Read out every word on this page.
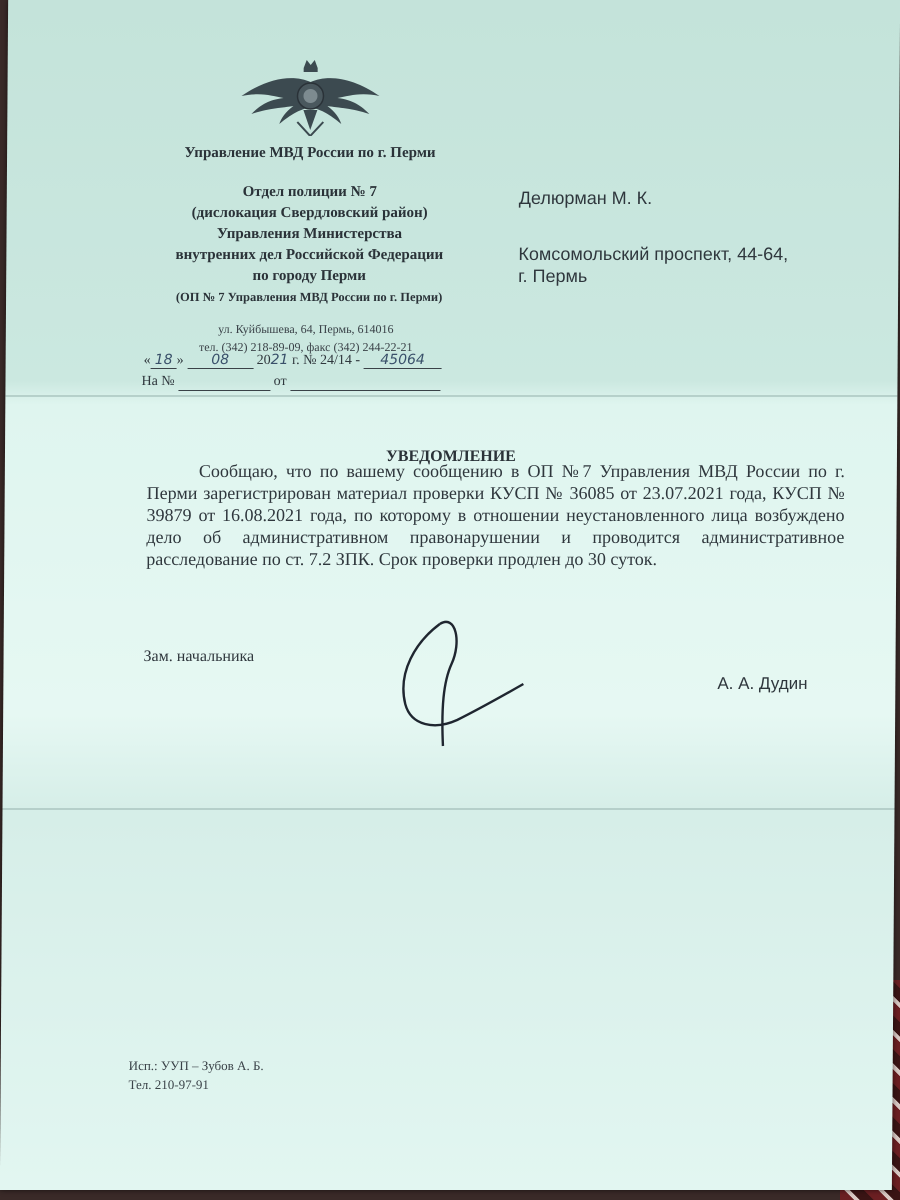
Управление МВД России по г. Перми
Отдел полиции № 7
(дислокация Свердловский район)
Управления Министерства
внутренних дел Российской Федерации
по городу Перми
(ОП № 7 Управления МВД России по г. Перми)
ул. Куйбышева, 64, Пермь, 614016
тел. (342) 218-89-09, факс (342) 244-22-21
Делюрман М. К.
Комсомольский проспект, 44-64,
г. Пермь
« 18 » 08 2021 г. № 24/14 - 45064
На №	от
УВЕДОМЛЕНИЕ
Сообщаю, что по вашему сообщению в ОП №7 Управления МВД России по г. Перми зарегистрирован материал проверки КУСП № 36085 от 23.07.2021 года, КУСП № 39879 от 16.08.2021 года, по которому в отношении неустановленного лица возбуждено дело об административном правонарушении и проводится административное расследование по ст. 7.2 ЗПК. Срок проверки продлен до 30 суток.
Зам. начальника
А. А. Дудин
Исп.: УУП – Зубов А. Б.
Тел. 210-97-91
